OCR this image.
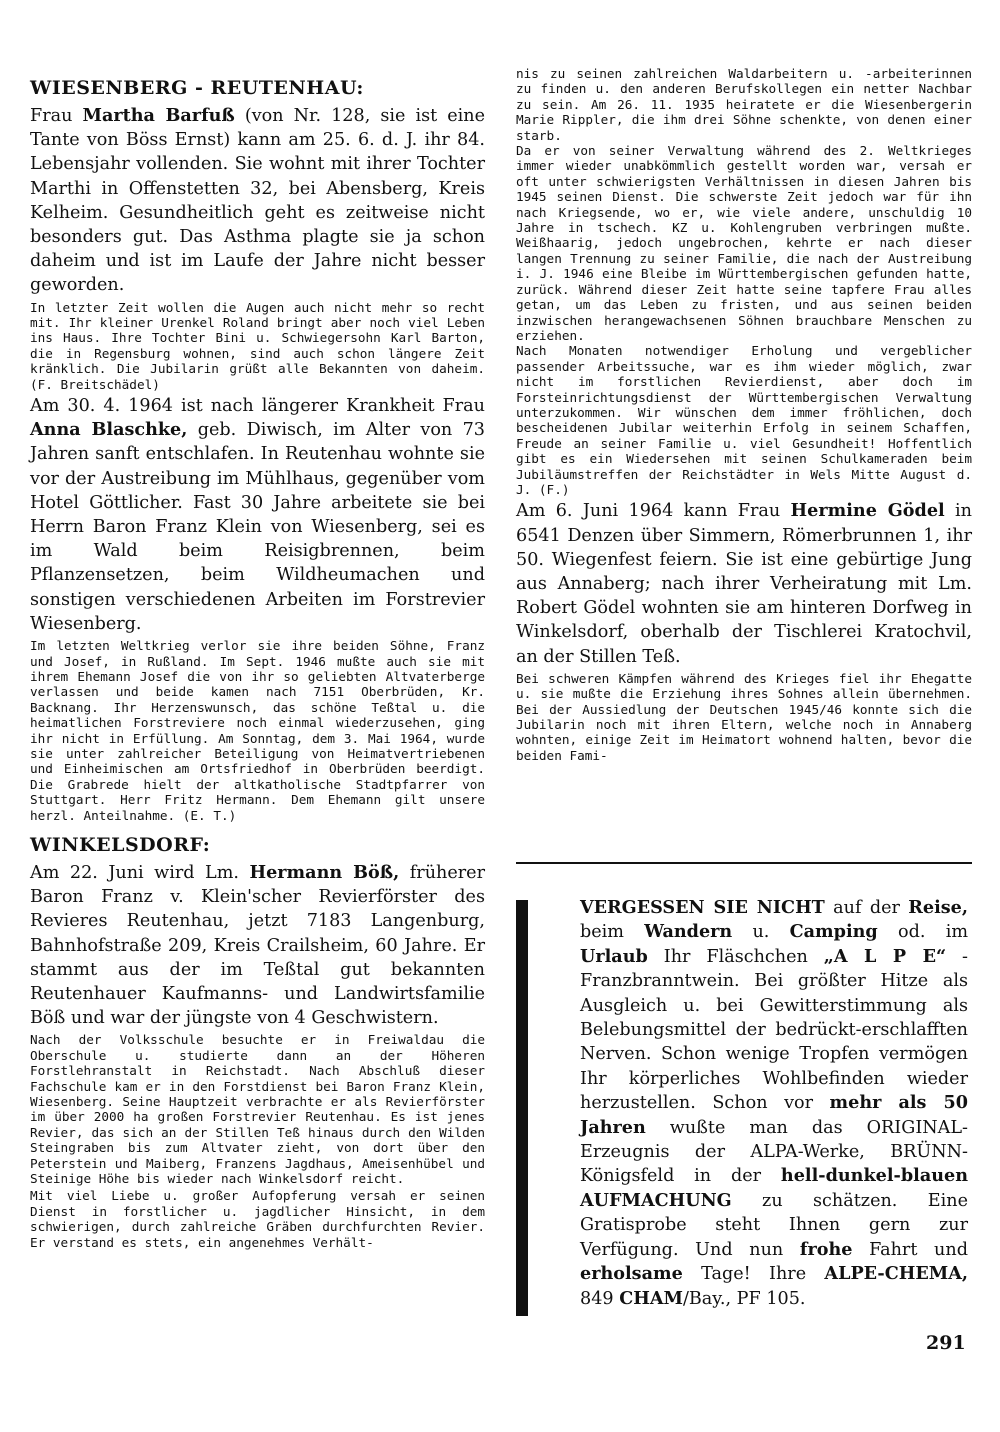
WIESENBERG - REUTENHAU:

Frau Martha Barfuß (von Nr. 128, sie ist eine Tante von Böss Ernst) kann am 25. 6. d. J. ihr 84. Lebensjahr vollenden. Sie wohnt mit ihrer Tochter Marthi in Offenstetten 32, bei Abensberg, Kreis Kelheim. Gesundheitlich geht es zeitweise nicht besonders gut. Das Asthma plagte sie ja schon daheim und ist im Laufe der Jahre nicht besser geworden.

In letzter Zeit wollen die Augen auch nicht mehr so recht mit. Ihr kleiner Urenkel Roland bringt aber noch viel Leben ins Haus. Ihre Tochter Bini u. Schwiegersohn Karl Barton, die in Regensburg wohnen, sind auch schon längere Zeit kränklich. Die Jubilarin grüßt alle Bekannten von daheim. (F. Breitschädel)

Am 30. 4. 1964 ist nach längerer Krankheit Frau Anna Blaschke, geb. Diwisch, im Alter von 73 Jahren sanft entschlafen. In Reutenhau wohnte sie vor der Austreibung im Mühlhaus, gegenüber vom Hotel Göttlicher. Fast 30 Jahre arbeitete sie bei Herrn Baron Franz Klein von Wiesenberg, sei es im Wald beim Reisigbrennen, beim Pflanzensetzen, beim Wildheumachen und sonstigen verschiedenen Arbeiten im Forstrevier Wiesenberg.

Im letzten Weltkrieg verlor sie ihre beiden Söhne, Franz und Josef, in Rußland. Im Sept. 1946 mußte auch sie mit ihrem Ehemann Josef die von ihr so geliebten Altvaterberge verlassen und beide kamen nach 7151 Oberbrüden, Kr. Backnang. Ihr Herzenswunsch, das schöne Teßtal u. die heimatlichen Forstreviere noch einmal wiederzusehen, ging ihr nicht in Erfüllung. Am Sonntag, dem 3. Mai 1964, wurde sie unter zahlreicher Beteiligung von Heimatvertriebenen und Einheimischen am Ortsfriedhof in Oberbrüden beerdigt. Die Grabrede hielt der altkatholische Stadtpfarrer von Stuttgart. Herr Fritz Hermann. Dem Ehemann gilt unsere herzl. Anteilnahme. (E. T.)

WINKELSDORF:

Am 22. Juni wird Lm. Hermann Böß, früherer Baron Franz v. Klein'scher Revierförster des Revieres Reutenhau, jetzt 7183 Langenburg, Bahnhofstraße 209, Kreis Crailsheim, 60 Jahre. Er stammt aus der im Teßtal gut bekannten Reutenhauer Kaufmanns- und Landwirtsfamilie Böß und war der jüngste von 4 Geschwistern.

Nach der Volksschule besuchte er in Freiwaldau die Oberschule u. studierte dann an der Höheren Forstlehranstalt in Reichstadt. Nach Abschluß dieser Fachschule kam er in den Forstdienst bei Baron Franz Klein, Wiesenberg. Seine Hauptzeit verbrachte er als Revierförster im über 2000 ha großen Forstrevier Reutenhau. Es ist jenes Revier, das sich an der Stillen Teß hinaus durch den Wilden Steingraben bis zum Altvater zieht, von dort über den Peterstein und Maiberg, Franzens Jagdhaus, Ameisenhübel und Steinige Höhe bis wieder nach Winkelsdorf reicht.

Mit viel Liebe u. großer Aufopferung versah er seinen Dienst in forstlicher u. jagdlicher Hinsicht, in dem schwierigen, durch zahlreiche Gräben durchfurchten Revier. Er verstand es stets, ein angenehmes Verhält-

nis zu seinen zahlreichen Waldarbeitern u. -arbeiterinnen zu finden u. den anderen Berufskollegen ein netter Nachbar zu sein. Am 26. 11. 1935 heiratete er die Wiesenbergerin Marie Rippler, die ihm drei Söhne schenkte, von denen einer starb.

Da er von seiner Verwaltung während des 2. Weltkrieges immer wieder unabkömmlich gestellt worden war, versah er oft unter schwierigsten Verhältnissen in diesen Jahren bis 1945 seinen Dienst. Die schwerste Zeit jedoch war für ihn nach Kriegsende, wo er, wie viele andere, unschuldig 10 Jahre in tschech. KZ u. Kohlengruben verbringen mußte. Weißhaarig, jedoch ungebrochen, kehrte er nach dieser langen Trennung zu seiner Familie, die nach der Austreibung i. J. 1946 eine Bleibe im Württembergischen gefunden hatte, zurück. Während dieser Zeit hatte seine tapfere Frau alles getan, um das Leben zu fristen, und aus seinen beiden inzwischen herangewachsenen Söhnen brauchbare Menschen zu erziehen.

Nach Monaten notwendiger Erholung und vergeblicher passender Arbeitssuche, war es ihm wieder möglich, zwar nicht im forstlichen Revierdienst, aber doch im Forsteinrichtungsdienst der Württembergischen Verwaltung unterzukommen. Wir wünschen dem immer fröhlichen, doch bescheidenen Jubilar weiterhin Erfolg in seinem Schaffen, Freude an seiner Familie u. viel Gesundheit! Hoffentlich gibt es ein Wiedersehen mit seinen Schulkameraden beim Jubiläumstreffen der Reichstädter in Wels Mitte August d. J. (F.)

Am 6. Juni 1964 kann Frau Hermine Gödel in 6541 Denzen über Simmern, Römerbrunnen 1, ihr 50. Wiegenfest feiern. Sie ist eine gebürtige Jung aus Annaberg; nach ihrer Verheiratung mit Lm. Robert Gödel wohnten sie am hinteren Dorfweg in Winkelsdorf, oberhalb der Tischlerei Kratochvil, an der Stillen Teß.

Bei schweren Kämpfen während des Krieges fiel ihr Ehegatte u. sie mußte die Erziehung ihres Sohnes allein übernehmen. Bei der Aussiedlung der Deutschen 1945/46 konnte sich die Jubilarin noch mit ihren Eltern, welche noch in Annaberg wohnten, einige Zeit im Heimatort wohnend halten, bevor die beiden Fami-

VERGESSEN SIE NICHT auf der Reise, beim Wandern u. Camping od. im Urlaub Ihr Fläschchen „A L P E“ - Franzbranntwein. Bei größter Hitze als Ausgleich u. bei Gewitterstimmung als Belebungsmittel der bedrückt-erschlafften Nerven. Schon wenige Tropfen vermögen Ihr körperliches Wohlbefinden wieder herzustellen. Schon vor mehr als 50 Jahren wußte man das ORIGINAL-Erzeugnis der ALPA-Werke, BRÜNN-Königsfeld in der hell-dunkel-blauen AUFMACHUNG zu schätzen. Eine Gratisprobe steht Ihnen gern zur Verfügung. Und nun frohe Fahrt und erholsame Tage! Ihre ALPE-CHEMA, 849 CHAM/Bay., PF 105.
291
